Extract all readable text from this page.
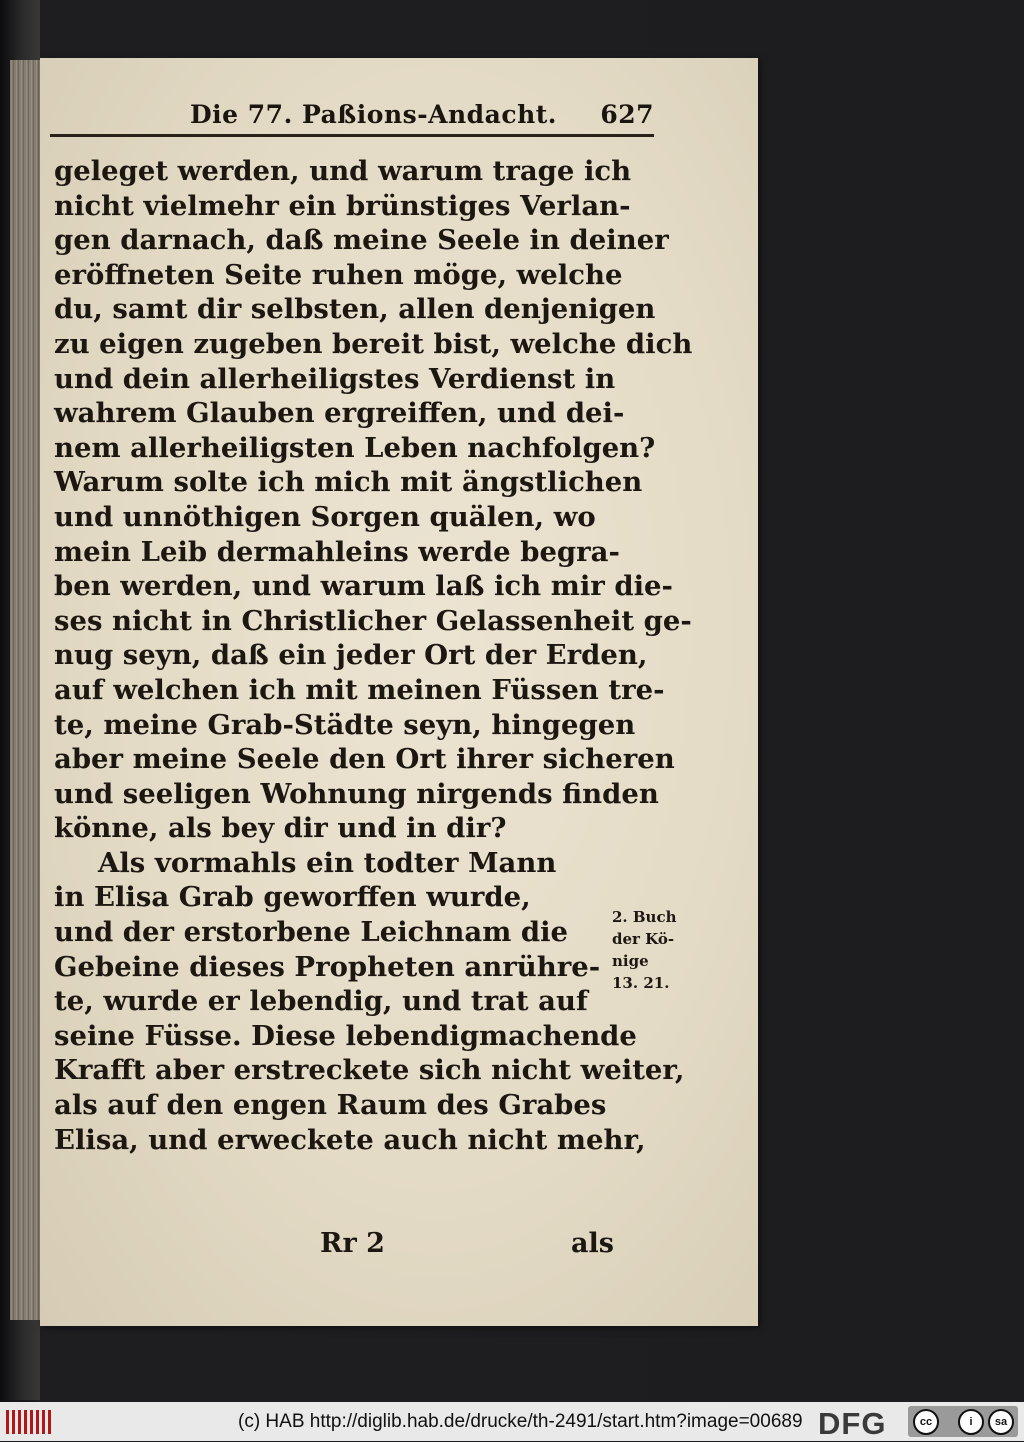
Die 77. Paßions-Andacht. 627
geleget werden, und warum trage ich
nicht vielmehr ein brünstiges Verlan-
gen darnach, daß meine Seele in deiner
eröffneten Seite ruhen möge, welche
du, samt dir selbsten, allen denjenigen
zu eigen zugeben bereit bist, welche dich
und dein allerheiligstes Verdienst in
wahrem Glauben ergreiffen, und dei-
nem allerheiligsten Leben nachfolgen?
Warum solte ich mich mit ängstlichen
und unnöthigen Sorgen quälen, wo
mein Leib dermahleins werde begra-
ben werden, und warum laß ich mir die-
ses nicht in Christlicher Gelassenheit ge-
nug seyn, daß ein jeder Ort der Erden,
auf welchen ich mit meinen Füssen tre-
te, meine Grab-Städte seyn, hingegen
aber meine Seele den Ort ihrer sicheren
und seeligen Wohnung nirgends finden
könne, als bey dir und in dir?
Als vormahls ein todter Mann
in Elisa Grab geworffen wurde,
und der erstorbene Leichnam die
Gebeine dieses Propheten anrühre-
te, wurde er lebendig, und trat auf
seine Füsse. Diese lebendigmachende
Krafft aber erstreckete sich nicht weiter,
als auf den engen Raum des Grabes
Elisa, und erweckete auch nicht mehr,
2. Buch
der Kö-
nige
13. 21.
Rr 2	als
(c) HAB http://diglib.hab.de/drucke/th-2491/start.htm?image=00689 DFG	cc	i	sa
